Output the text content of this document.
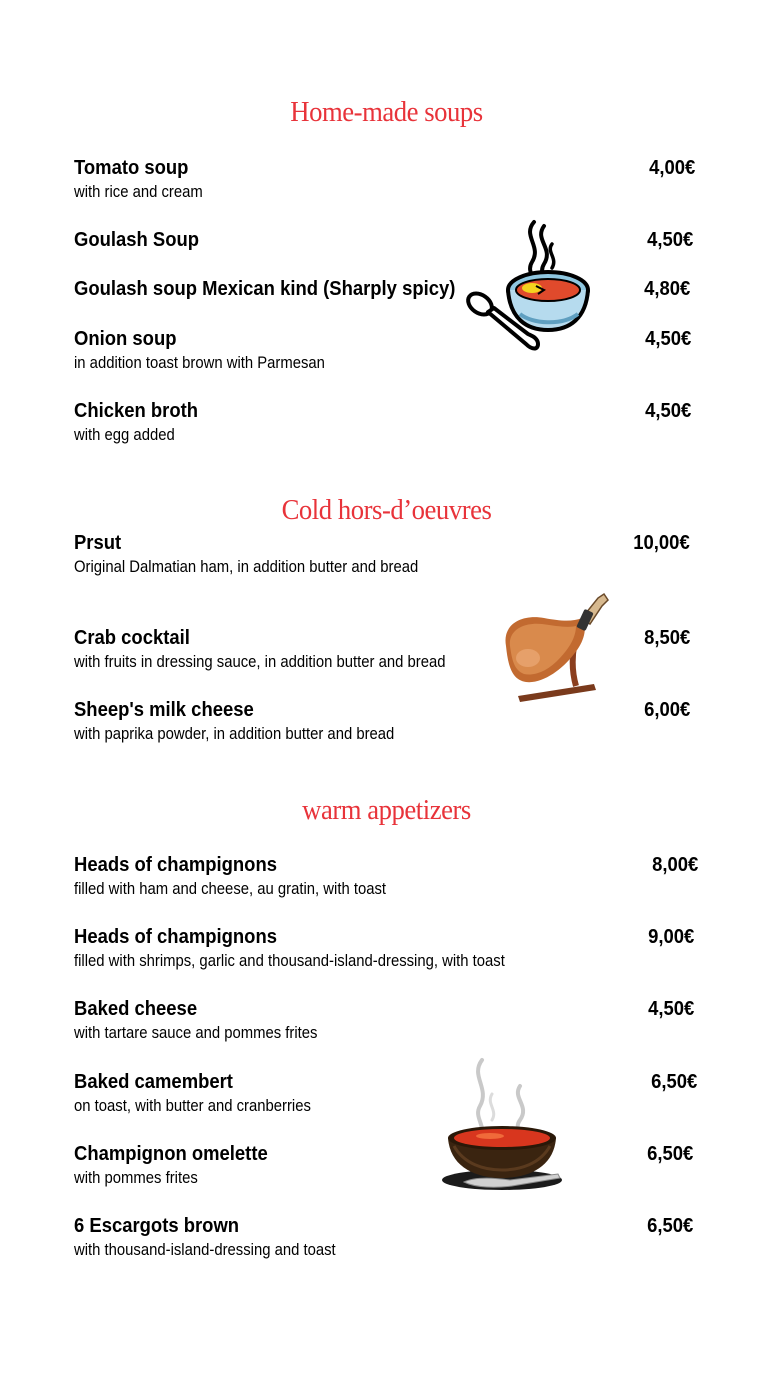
Home-made soups
Tomato soup
with rice and cream
4,00€
Goulash Soup	4,50€
Goulash soup Mexican kind (Sharply spicy)	4,80€
Onion soup
in addition toast brown with Parmesan
4,50€
Chicken broth
with egg added
4,50€
Cold hors-d’oeuvres
Prsut
Original Dalmatian ham, in addition butter and bread
10,00€
Crab cocktail
with fruits in dressing sauce, in addition butter and bread
8,50€
Sheep's milk cheese
with paprika powder, in addition butter and bread
6,00€
warm appetizers
Heads of champignons
filled with ham and cheese, au gratin, with toast
8,00€
Heads of champignons
filled with shrimps, garlic and thousand-island-dressing, with toast
9,00€
Baked cheese
with tartare sauce and pommes frites
4,50€
Baked camembert
on toast, with butter and cranberries
6,50€
Champignon omelette
with pommes frites
6,50€
6 Escargots brown
with thousand-island-dressing and toast
6,50€
